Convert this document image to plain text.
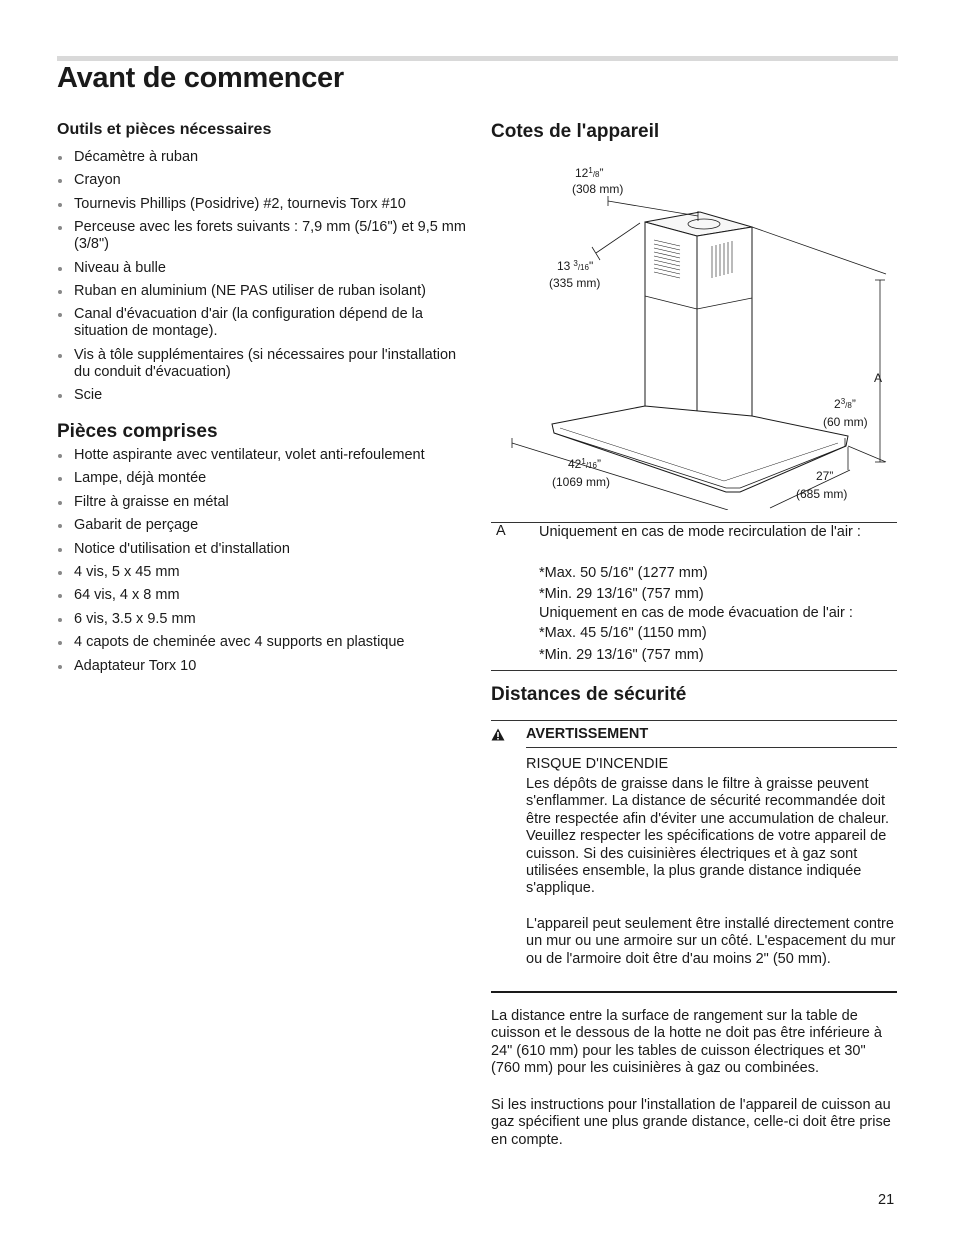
Avant de commencer
Outils et pièces nécessaires
Décamètre à ruban
Crayon
Tournevis Phillips (Posidrive) #2, tournevis Torx #10
Perceuse avec les forets suivants : 7,9 mm (5/16") et 9,5 mm (3/8")
Niveau à bulle
Ruban en aluminium (NE PAS utiliser de ruban isolant)
Canal d'évacuation d'air (la configuration dépend de la situation de montage).
Vis à tôle supplémentaires (si nécessaires pour l'installation du conduit d'évacuation)
Scie
Pièces comprises
Hotte aspirante avec ventilateur, volet anti-refoulement
Lampe, déjà montée
Filtre à graisse en métal
Gabarit de perçage
Notice d'utilisation et d'installation
4 vis, 5 x 45 mm
64 vis, 4 x 8 mm
6 vis, 3.5 x 9.5 mm
4 capots de cheminée avec 4 supports en plastique
Adaptateur Torx 10
Cotes de l'appareil
$12^1_/8$”
(308 mm)
13 $^3_/$16"
(335 mm)
A
$2^3_/8$”
(60 mm)
$42^1_/16$”
(1069 mm)	27”
(685 mm)
A Uniquement en cas de mode recirculation de l'air :
*Max. 50 5/16" (1277 mm)
*Min. 29 13/16" (757 mm)
Uniquement en cas de mode évacuation de l'air :
*Max. 45 5/16" (1150 mm)
*Min. 29 13/16" (757 mm)
Distances de sécurité
AVERTISSEMENT
RISQUE D'INCENDIE
Les dépôts de graisse dans le filtre à graisse peuvent s'enflammer. La distance de sécurité recommandée doit être respectée afin d'éviter une accumulation de chaleur. Veuillez respecter les spécifications de votre appareil de cuisson. Si des cuisinières électriques et à gaz sont utilisées ensemble, la plus grande distance indiquée s'applique.
L'appareil peut seulement être installé directement contre un mur ou une armoire sur un côté. L'espacement du mur ou de l'armoire doit être d'au moins 2" (50 mm).

La distance entre la surface de rangement sur la table de cuisson et le dessous de la hotte ne doit pas être inférieure à 24" (610 mm) pour les tables de cuisson électriques et 30" (760 mm) pour les cuisinières à gaz ou combinées.

Si les instructions pour l'installation de l'appareil de cuisson au gaz spécifient une plus grande distance, celle-ci doit être prise en compte.

21
